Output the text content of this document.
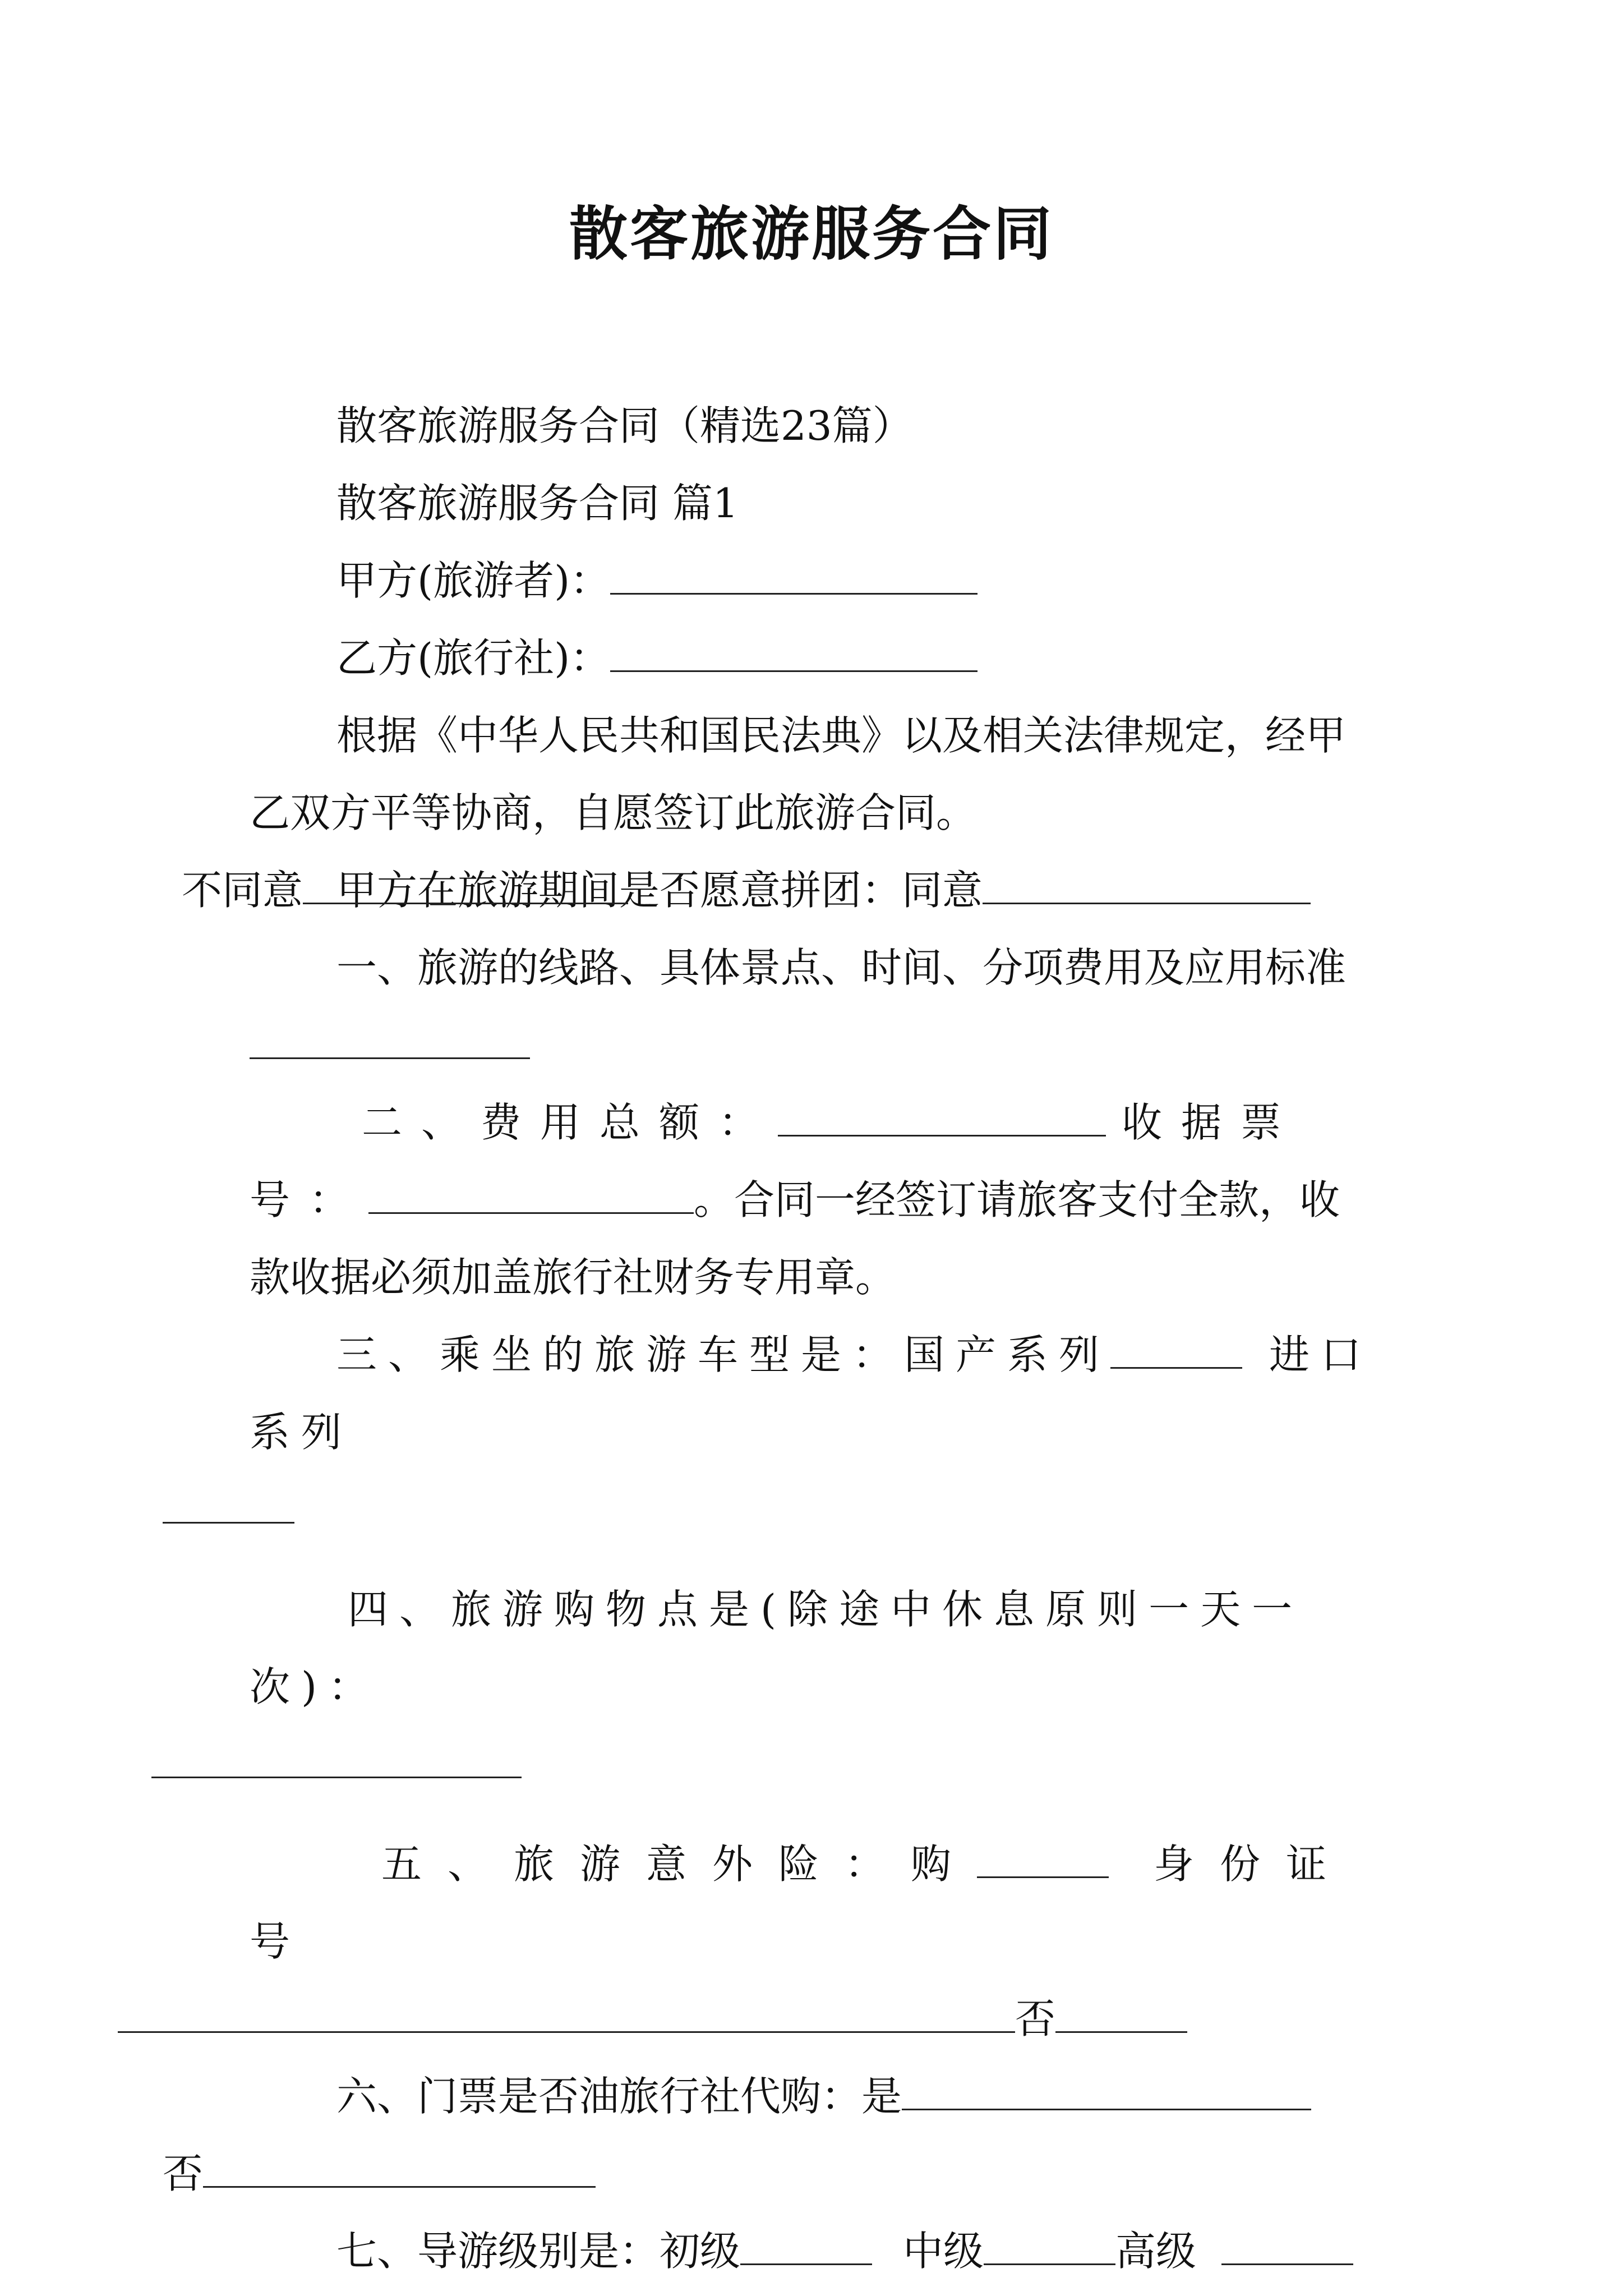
散客旅游服务合同

散客旅游服务合同（精选23篇）

散客旅游服务合同 篇1

甲方(旅游者)：

乙方(旅行社)：

根据《中华人民共和国民法典》以及相关法律规定，经甲乙双方平等协商，自愿签订此旅游合同。

甲方在旅游期间是否愿意拼团：同意不同意

一、旅游的线路、具体景点、时间、分项费用及应用标准

二、费用总额：	收据票号：	。合同一经签订请旅客支付全款，收款收据必须加盖旅行社财务专用章。

三、乘坐的旅游车型是：国产系列	进口系列

四、旅游购物点是(除途中休息原则一天一次)：

五、旅游意外险：购	身份证号
否

六、门票是否油旅行社代购：是
否

七、导游级别是：初级	中级	高级
